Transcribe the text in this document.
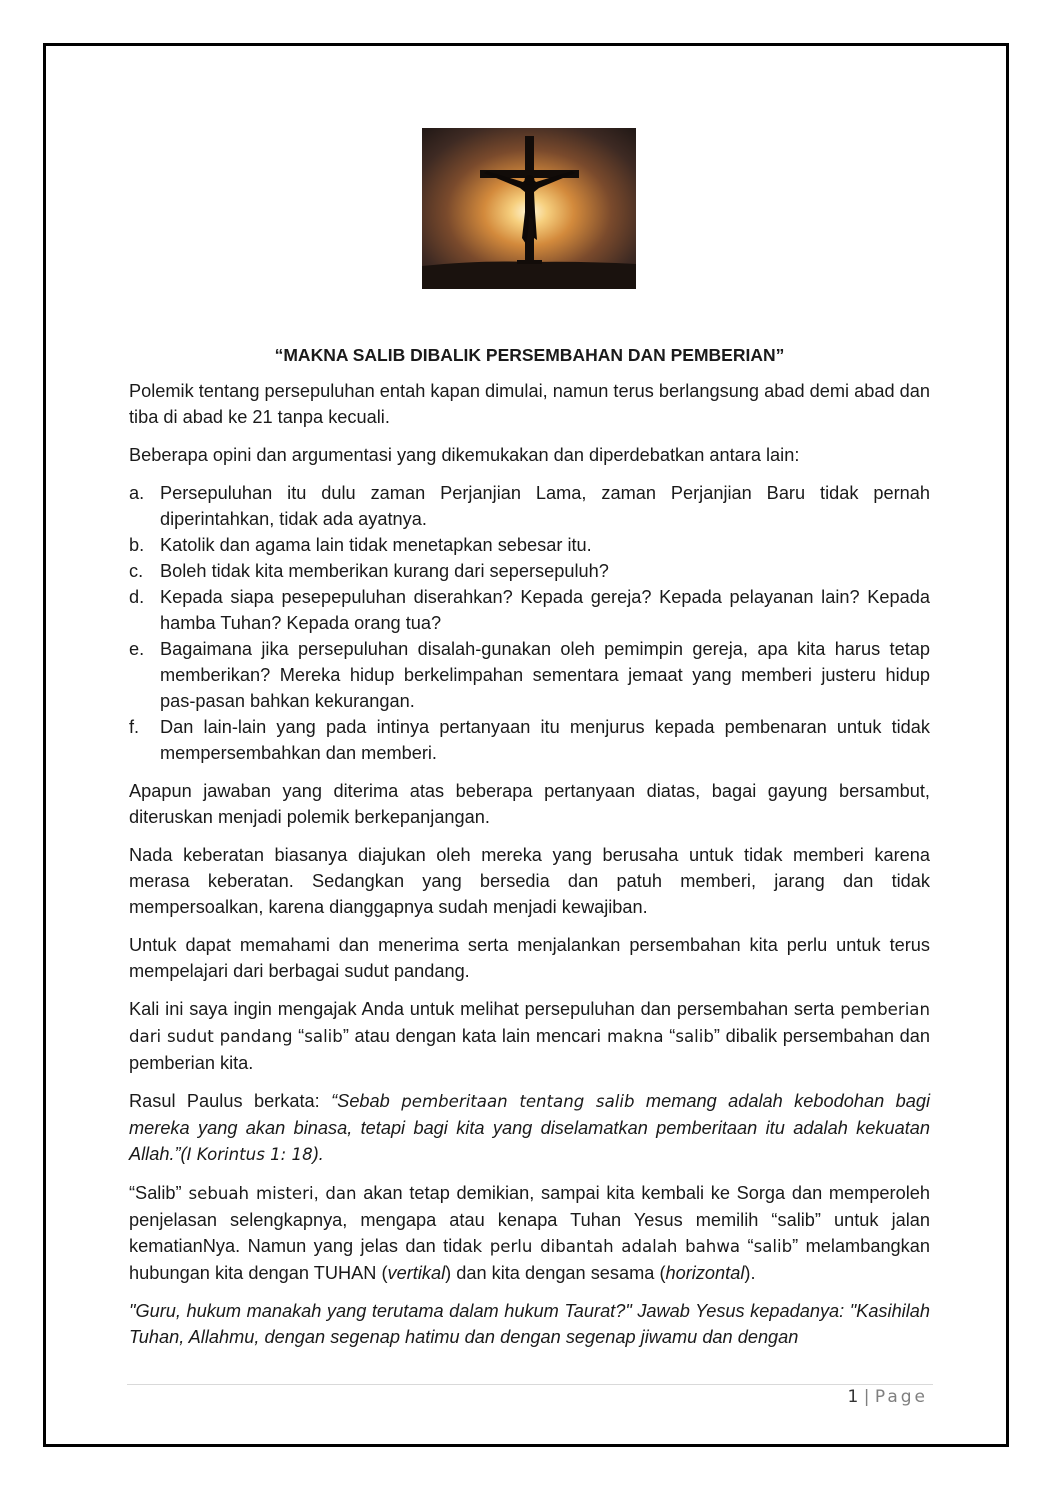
“MAKNA SALIB DIBALIK PERSEMBAHAN DAN PEMBERIAN”

Polemik tentang persepuluhan entah kapan dimulai, namun terus berlangsung abad demi abad dan tiba di abad ke 21 tanpa kecuali.

Beberapa opini dan argumentasi yang dikemukakan dan diperdebatkan antara lain:

a. Persepuluhan itu dulu zaman Perjanjian Lama, zaman Perjanjian Baru tidak pernah diperintahkan, tidak ada ayatnya.
b. Katolik dan agama lain tidak menetapkan sebesar itu.
c. Boleh tidak kita memberikan kurang dari sepersepuluh?
d. Kepada siapa pesepepuluhan diserahkan? Kepada gereja? Kepada pelayanan lain? Kepada hamba Tuhan? Kepada orang tua?
e. Bagaimana jika persepuluhan disalah-gunakan oleh pemimpin gereja, apa kita harus tetap memberikan? Mereka hidup berkelimpahan sementara jemaat yang memberi justeru hidup pas-pasan bahkan kekurangan.
f.	Dan lain-lain yang pada intinya pertanyaan itu menjurus kepada pembenaran untuk tidak mempersembahkan dan memberi.

Apapun jawaban yang diterima atas beberapa pertanyaan diatas, bagai gayung bersambut, diteruskan menjadi polemik berkepanjangan.

Nada keberatan biasanya diajukan oleh mereka yang berusaha untuk tidak memberi karena merasa keberatan. Sedangkan yang bersedia dan patuh memberi, jarang dan tidak mempersoalkan, karena dianggapnya sudah menjadi kewajiban.

Untuk dapat memahami dan menerima serta menjalankan persembahan kita perlu untuk terus mempelajari dari berbagai sudut pandang.

Kali ini saya ingin mengajak Anda untuk melihat persepuluhan dan persembahan serta pemberian dari sudut pandang “salib” atau dengan kata lain mencari makna “salib” dibalik persembahan dan pemberian kita.

Rasul Paulus berkata: “Sebab pemberitaan tentang salib memang adalah kebodohan bagi mereka yang akan binasa, tetapi bagi kita yang diselamatkan pemberitaan itu adalah kekuatan Allah.”(I Korintus 1: 18).

“Salib” sebuah misteri, dan akan tetap demikian, sampai kita kembali ke Sorga dan memperoleh penjelasan selengkapnya, mengapa atau kenapa Tuhan Yesus memilih “salib” untuk jalan kematianNya. Namun yang jelas dan tidak perlu dibantah adalah bahwa “salib” melambangkan hubungan kita dengan TUHAN (vertikal) dan kita dengan sesama (horizontal).

"Guru, hukum manakah yang terutama dalam hukum Taurat?" Jawab Yesus kepadanya: "Kasihilah Tuhan, Allahmu, dengan segenap hatimu dan dengan segenap jiwamu dan dengan

1 | Page
